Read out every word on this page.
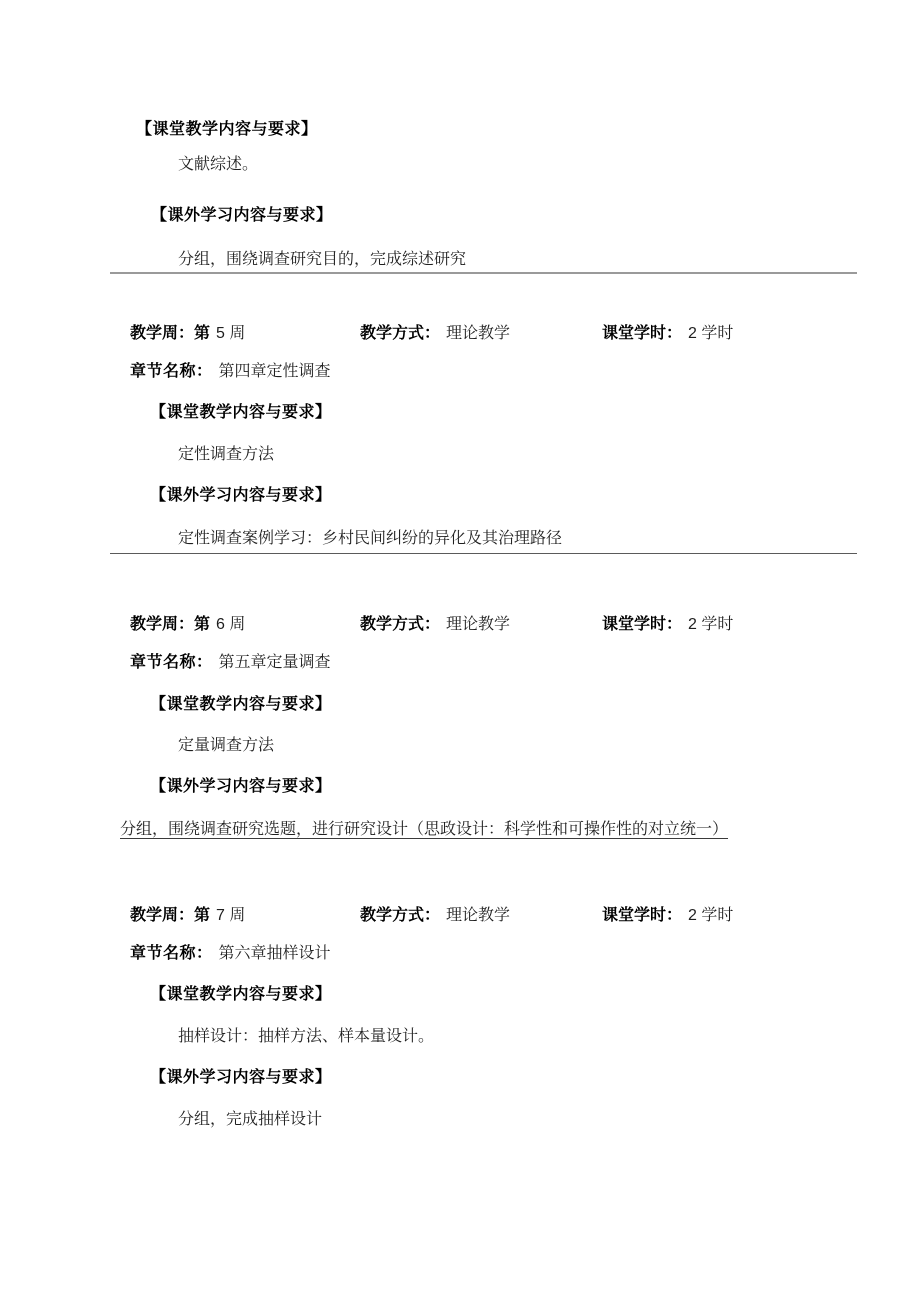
【课堂教学内容与要求】
文献综述。
【课外学习内容与要求】
分组，围绕调查研究目的，完成综述研究
教学周：第 5 周	教学方式： 理论教学	课堂学时： 2 学时
章节名称： 第四章定性调查
【课堂教学内容与要求】
定性调查方法
【课外学习内容与要求】
定性调查案例学习：乡村民间纠纷的异化及其治理路径
教学周：第 6 周	教学方式： 理论教学	课堂学时： 2 学时
章节名称： 第五章定量调查
【课堂教学内容与要求】
定量调查方法
【课外学习内容与要求】
分组，围绕调查研究选题，进行研究设计（思政设计：科学性和可操作性的对立统一）
教学周：第 7 周	教学方式： 理论教学	课堂学时： 2 学时
章节名称： 第六章抽样设计
【课堂教学内容与要求】
抽样设计：抽样方法、样本量设计。
【课外学习内容与要求】
分组，完成抽样设计
